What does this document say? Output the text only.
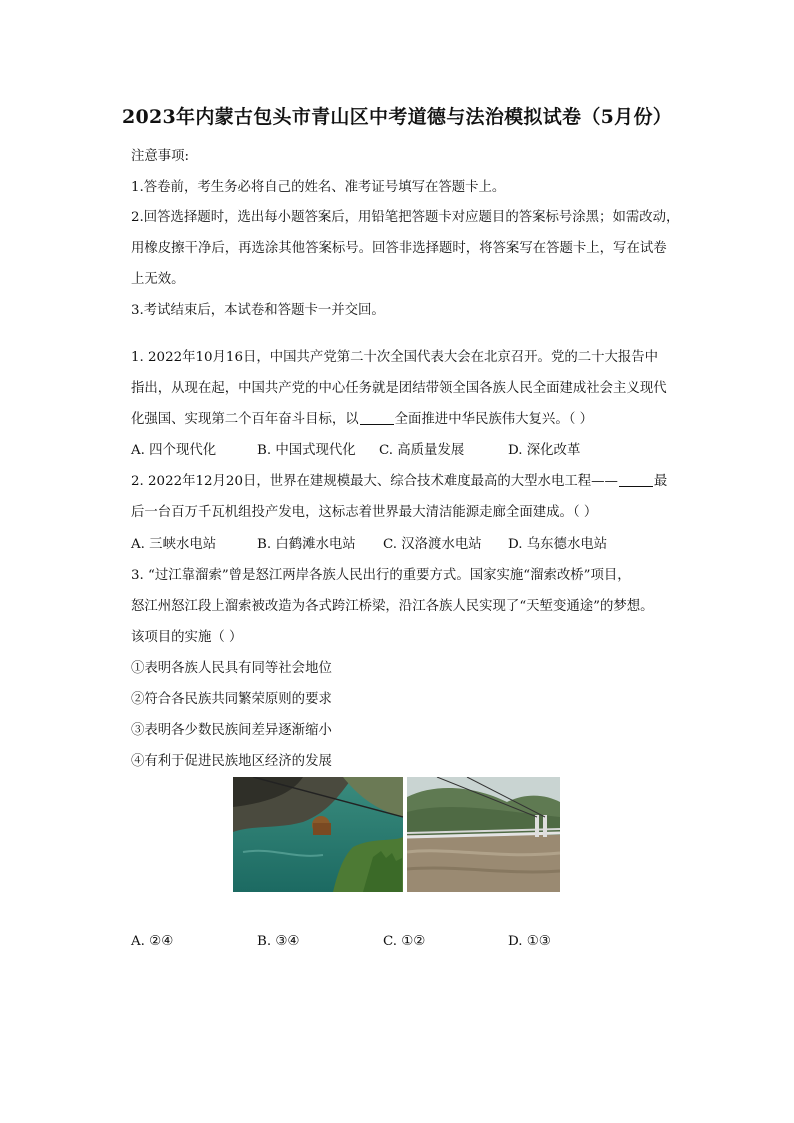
2023年内蒙古包头市青山区中考道德与法治模拟试卷（5月份）
注意事项:
1.答卷前，考生务必将自己的姓名、准考证号填写在答题卡上。
2.回答选择题时，选出每小题答案后，用铅笔把答题卡对应题目的答案标号涂黑；如需改动，
用橡皮擦干净后，再选涂其他答案标号。回答非选择题时，将答案写在答题卡上，写在试卷
上无效。
3.考试结束后，本试卷和答题卡一并交回。
1. 2022年10月16日，中国共产党第二十次全国代表大会在北京召开。党的二十大报告中
指出，从现在起，中国共产党的中心任务就是团结带领全国各族人民全面建成社会主义现代
化强国、实现第二个百年奋斗目标，以	全面推进中华民族伟大复兴。（ ）
A. 四个现代化	B. 中国式现代化 C. 高质量发展	D. 深化改革
2. 2022年12月20日，世界在建规模最大、综合技术难度最高的大型水电工程——	最
后一台百万千瓦机组投产发电，这标志着世界最大清洁能源走廊全面建成。（ ）
A. 三峡水电站	B. 白鹤滩水电站 C. 汉洛渡水电站 D. 乌东德水电站
3. “过江靠溜索”曾是怒江两岸各族人民出行的重要方式。国家实施“溜索改桥”项目，
怒江州怒江段上溜索被改造为各式跨江桥梁，沿江各族人民实现了“天堑变通途”的梦想。
该项目的实施（ ）
①表明各族人民具有同等社会地位
②符合各民族共同繁荣原则的要求
③表明各少数民族间差异逐渐缩小
④有利于促进民族地区经济的发展
A. ②④	B. ③④	C. ①②	D. ①③
